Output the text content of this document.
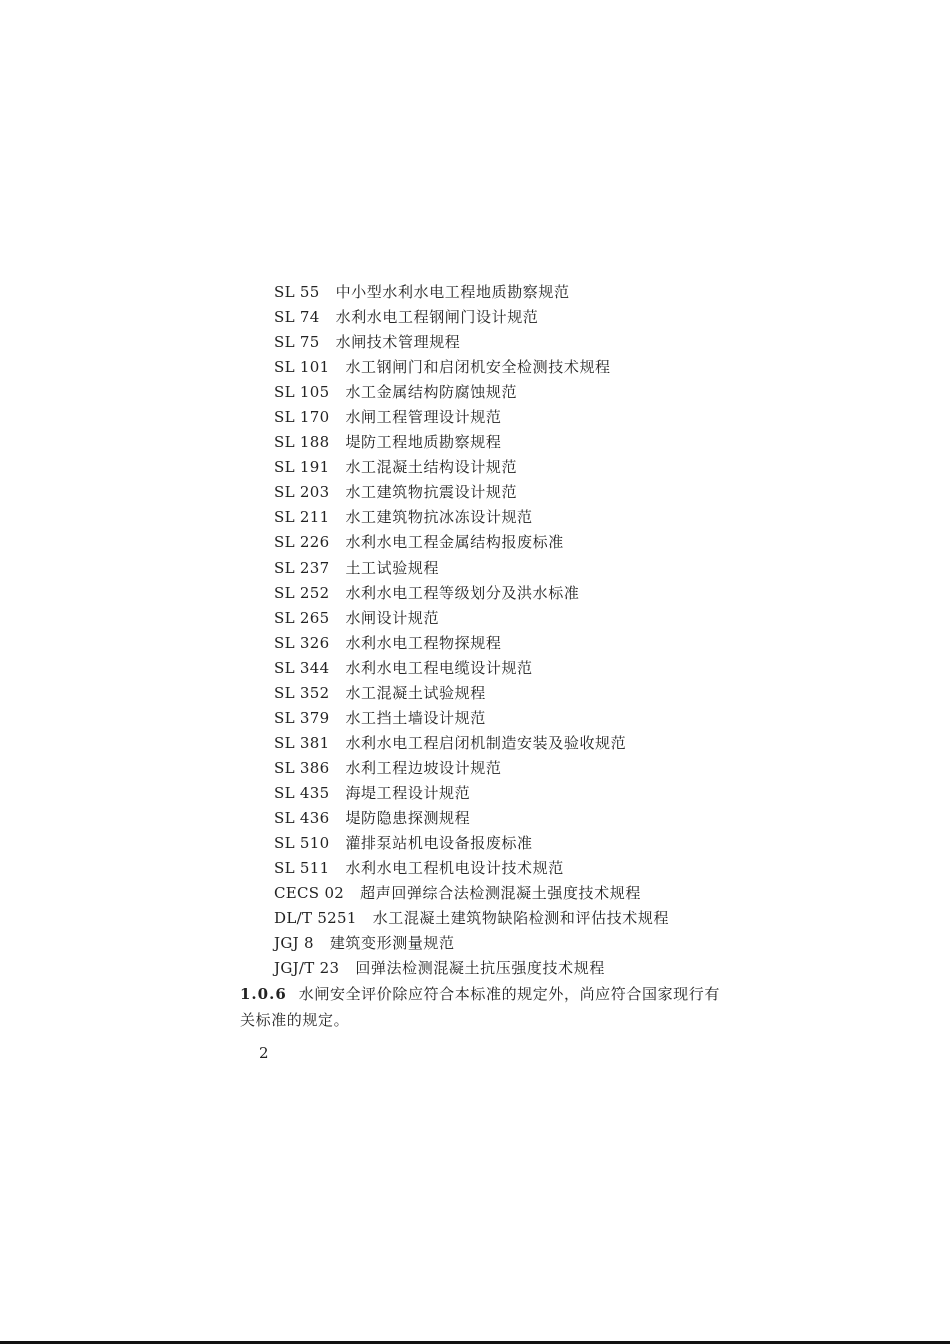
SL 55 中小型水利水电工程地质勘察规范
SL 74 水利水电工程钢闸门设计规范
SL 75 水闸技术管理规程
SL 101 水工钢闸门和启闭机安全检测技术规程
SL 105 水工金属结构防腐蚀规范
SL 170 水闸工程管理设计规范
SL 188 堤防工程地质勘察规程
SL 191 水工混凝土结构设计规范
SL 203 水工建筑物抗震设计规范
SL 211 水工建筑物抗冰冻设计规范
SL 226 水利水电工程金属结构报废标准
SL 237 土工试验规程
SL 252 水利水电工程等级划分及洪水标准
SL 265 水闸设计规范
SL 326 水利水电工程物探规程
SL 344 水利水电工程电缆设计规范
SL 352 水工混凝土试验规程
SL 379 水工挡土墙设计规范
SL 381 水利水电工程启闭机制造安装及验收规范
SL 386 水利工程边坡设计规范
SL 435 海堤工程设计规范
SL 436 堤防隐患探测规程
SL 510 灌排泵站机电设备报废标准
SL 511 水利水电工程机电设计技术规范
CECS 02 超声回弹综合法检测混凝土强度技术规程
DL/T 5251 水工混凝土建筑物缺陷检测和评估技术规程
JGJ 8 建筑变形测量规范
JGJ/T 23 回弹法检测混凝土抗压强度技术规程
1.0.6 水闸安全评价除应符合本标准的规定外，尚应符合国家现行有关标准的规定。
2
